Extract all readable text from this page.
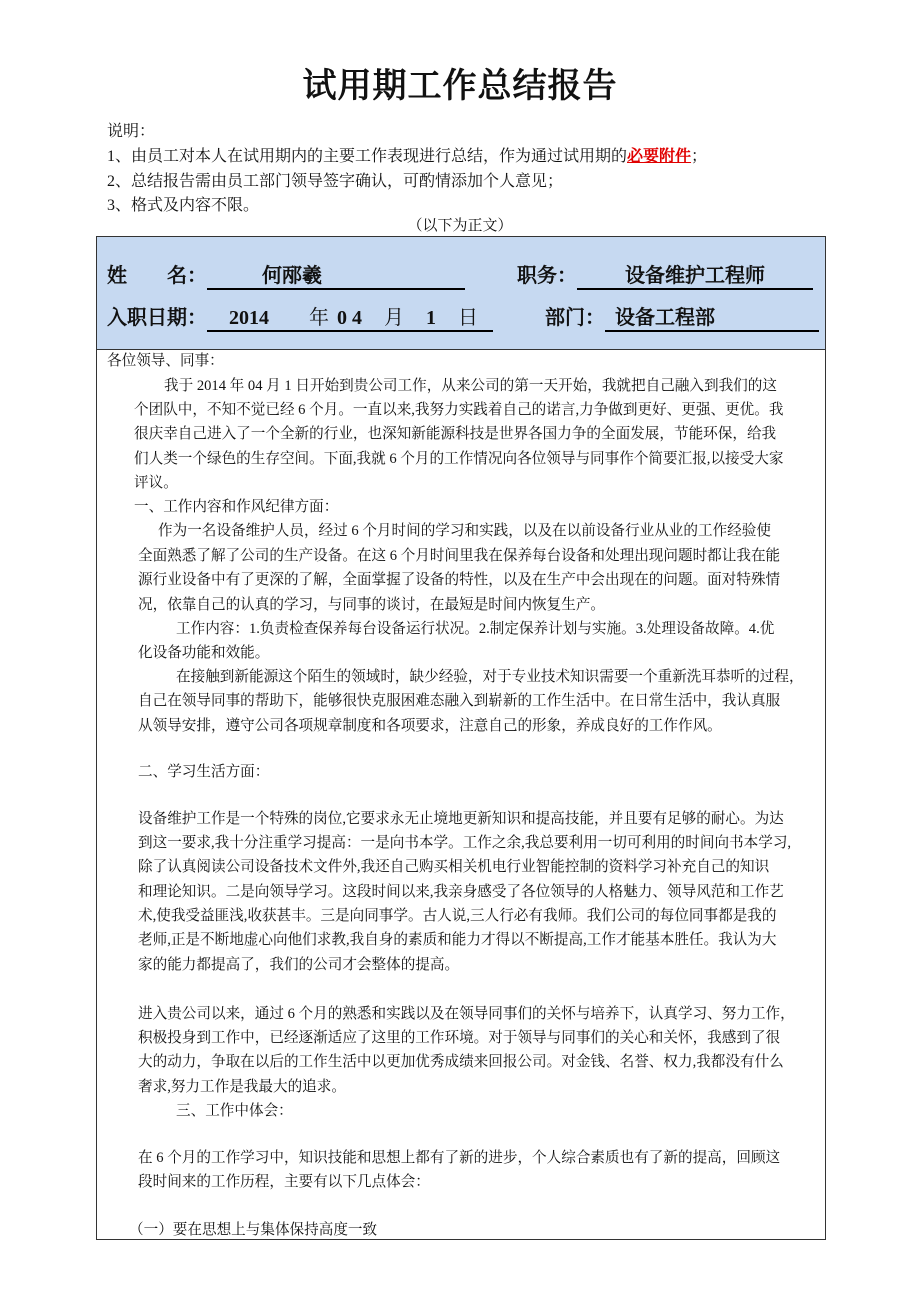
试用期工作总结报告
说明：
1、由员工对本人在试用期内的主要工作表现进行总结，作为通过试用期的必要附件；
2、总结报告需由员工部门领导签字确认，可酌情添加个人意见；
3、格式及内容不限。
（以下为正文）
姓　　名：	何邴羲	职务： 设备维护工程师
入职日期： 2014 年 0 4 月 1 日	部门： 设备工程部
各位领导、同事：
我于 2014 年 04 月 1 日开始到贵公司工作，从来公司的第一天开始，我就把自己融入到我们的这
个团队中，不知不觉已经 6 个月。一直以来,我努力实践着自己的诺言,力争做到更好、更强、更优。我
很庆幸自己进入了一个全新的行业，也深知新能源科技是世界各国力争的全面发展，节能环保，给我
们人类一个绿色的生存空间。下面,我就 6 个月的工作情况向各位领导与同事作个简要汇报,以接受大家
评议。
一、工作内容和作风纪律方面：
作为一名设备维护人员，经过 6 个月时间的学习和实践，以及在以前设备行业从业的工作经验使
全面熟悉了解了公司的生产设备。在这 6 个月时间里我在保养每台设备和处理出现问题时都让我在能
源行业设备中有了更深的了解，全面掌握了设备的特性，以及在生产中会出现在的问题。面对特殊情
况，依靠自己的认真的学习，与同事的谈讨，在最短是时间内恢复生产。
工作内容：1.负责检查保养每台设备运行状况。2.制定保养计划与实施。3.处理设备故障。4.优
化设备功能和效能。
在接触到新能源这个陌生的领域时，缺少经验，对于专业技术知识需要一个重新洗耳恭听的过程，
自己在领导同事的帮助下，能够很快克服困难态融入到崭新的工作生活中。在日常生活中，我认真服
从领导安排，遵守公司各项规章制度和各项要求，注意自己的形象，养成良好的工作作风。
二、学习生活方面：
设备维护工作是一个特殊的岗位,它要求永无止境地更新知识和提高技能，并且要有足够的耐心。为达
到这一要求,我十分注重学习提高：一是向书本学。工作之余,我总要利用一切可利用的时间向书本学习,
除了认真阅读公司设备技术文件外,我还自己购买相关机电行业智能控制的资料学习补充自己的知识
和理论知识。二是向领导学习。这段时间以来,我亲身感受了各位领导的人格魅力、领导风范和工作艺
术,使我受益匪浅,收获甚丰。三是向同事学。古人说,三人行必有我师。我们公司的每位同事都是我的
老师,正是不断地虚心向他们求教,我自身的素质和能力才得以不断提高,工作才能基本胜任。我认为大
家的能力都提高了，我们的公司才会整体的提高。
进入贵公司以来，通过 6 个月的熟悉和实践以及在领导同事们的关怀与培养下，认真学习、努力工作，
积极投身到工作中，已经逐渐适应了这里的工作环境。对于领导与同事们的关心和关怀，我感到了很
大的动力，争取在以后的工作生活中以更加优秀成绩来回报公司。对金钱、名誉、权力,我都没有什么
奢求,努力工作是我最大的追求。
三、工作中体会：
在 6 个月的工作学习中，知识技能和思想上都有了新的进步，个人综合素质也有了新的提高，回顾这
段时间来的工作历程，主要有以下几点体会：
（一）要在思想上与集体保持高度一致
